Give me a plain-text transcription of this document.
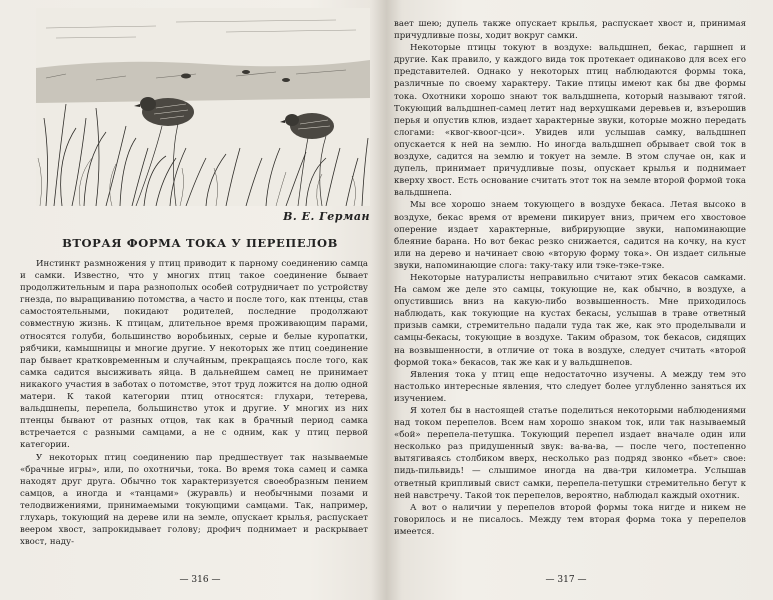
В. Е. Герман
ВТОРАЯ ФОРМА ТОКА У ПЕРЕПЕЛОВ

Инстинкт размножения у птиц приводит к парному соединению самца и самки. Известно, что у многих птиц такое соединение бывает продолжительным и пара разнополых особей сотрудничает по устройству гнезда, по выращиванию потомства, а часто и после того, как птенцы, став самостоятельными, покидают родителей, последние продолжают совместную жизнь. К птицам, длительное время проживающим парами, относятся голуби, большинство воробьиных, серые и белые куропатки, рябчики, камышницы и многие другие. У некоторых же птиц соединение пар бывает кратковременным и случайным, прекращаясь после того, как самка садится высиживать яйца. В дальнейшем самец не принимает никакого участия в заботах о потомстве, этот труд ложится на долю одной матери. К такой категории птиц относятся: глухари, тетерева, вальдшнепы, перепела, большинство уток и другие. У многих из них птенцы бывают от разных отцов, так как в брачный период самка встречается с разными самцами, а не с одним, как у птиц первой категории.

У некоторых птиц соединению пар предшествует так называемые «брачные игры», или, по охотничьи, тока. Во время тока самец и самка находят друг друга. Обычно ток характеризуется своеобразным пением самцов, а иногда и «танцами» (журавль) и необычными позами и телодвижениями, принимаемыми токующими самцами. Так, например, глухарь, токующий на дереве или на земле, опускает крылья, распускает веером хвост, запрокидывает голову; дрофич поднимает и раскрывает хвост, наду-

— 316 —

вает шею; дупель также опускает крылья, распускает хвост и, принимая причудливые позы, ходит вокруг самки.

Некоторые птицы токуют в воздухе: вальдшнеп, бекас, гаршнеп и другие. Как правило, у каждого вида ток протекает одинаково для всех его представителей. Однако у некоторых птиц наблюдаются формы тока, различные по своему характеру. Такие птицы имеют как бы две формы тока. Охотники хорошо знают ток вальдшнепа, который называют тягой. Токующий вальдшнеп-самец летит над верхушками деревьев и, взъерошив перья и опустив клюв, издает характерные звуки, которые можно передать слогами: «квог-квоог-цси». Увидев или услышав самку, вальдшнеп опускается к ней на землю. Но иногда вальдшнеп обрывает свой ток в воздухе, садится на землю и токует на земле. В этом случае он, как и дупель, принимает причудливые позы, опускает крылья и поднимает кверху хвост. Есть основание считать этот ток на земле второй формой тока вальдшнепа.

Мы все хорошо знаем токующего в воздухе бекаса. Летая высоко в воздухе, бекас время от времени пикирует вниз, причем его хвостовое оперение издает характерные, вибрирующие звуки, напоминающие блеяние барана. Но вот бекас резко снижается, садится на кочку, на куст или на дерево и начинает свою «вторую форму тока». Он издает сильные звуки, напоминающие слога: таку-таку или тэке-тэке-тэке.

Некоторые натуралисты неправильно считают этих бекасов самками. На самом же деле это самцы, токующие не, как обычно, в воздухе, а опустившись вниз на какую-либо возвышенность. Мне приходилось наблюдать, как токующие на кустах бекасы, услышав в траве ответный призыв самки, стремительно падали туда так же, как это проделывали и самцы-бекасы, токующие в воздухе. Таким образом, ток бекасов, сидящих на возвышенности, в отличие от тока в воздухе, следует считать «второй формой тока» бекасов, так же как и у вальдшнепов.

Явления тока у птиц еще недостаточно изучены. А между тем это настолько интересные явления, что следует более углубленно заняться их изучением.

Я хотел бы в настоящей статье поделиться некоторыми наблюдениями над током перепелов. Всем нам хорошо знаком ток, или так называемый «бой» перепела-петушка. Токующий перепел издает вначале один или несколько раз придушенный звук: ва-ва-ва, — после чего, постепенно вытягиваясь столбиком вверх, несколько раз подряд звонко «бьет» свое: пидь-пильвидь! — слышимое иногда на два-три километра. Услышав ответный крипливый свист самки, перепела-петушки стремительно бегут к ней навстречу. Такой ток перепелов, вероятно, наблюдал каждый охотник.

А вот о наличии у перепелов второй формы тока нигде и никем не говорилось и не писалось. Между тем вторая форма тока у перепелов имеется.

— 317 —
